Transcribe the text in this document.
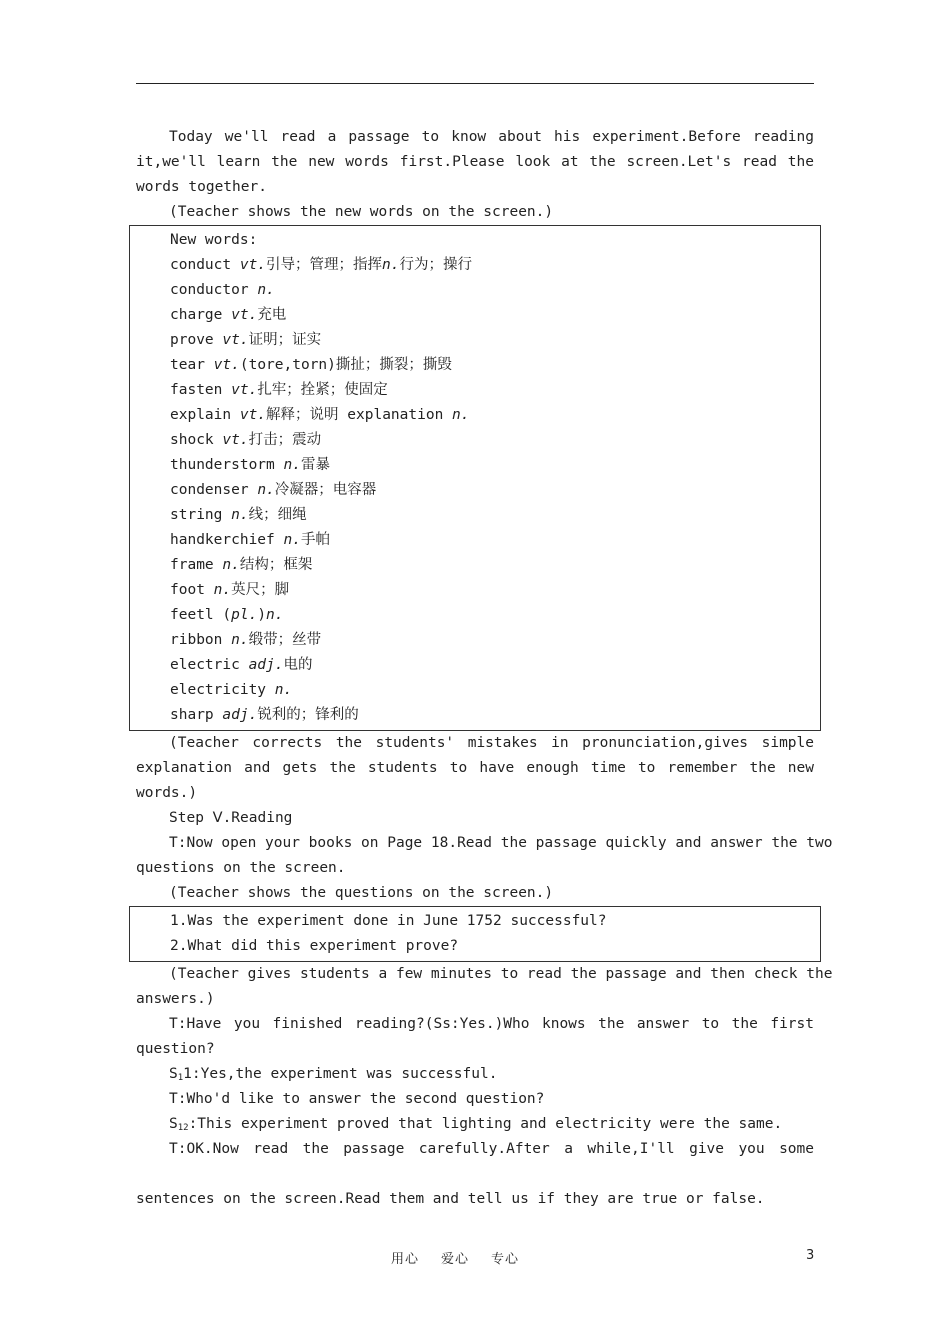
Today we'll read a passage to know about his experiment.Before reading
it,we'll learn the new words first.Please look at the screen.Let's read the
words together.
(Teacher shows the new words on the screen.)
New words:
conduct vt.引导；管理；指挥n.行为；操行
conductor n.
charge vt.充电
prove vt.证明；证实
tear vt.(tore,torn)撕扯；撕裂；撕毁
fasten vt.扎牢；拴紧；使固定
explain vt.解释；说明 explanation n.
shock vt.打击；震动
thunderstorm n.雷暴
condenser n.冷凝器；电容器
string n.线；细绳
handkerchief n.手帕
frame n.结构；框架
foot n.英尺；脚
feetl (pl.)n.
ribbon n.缎带；丝带
electric adj.电的
electricity n.
sharp adj.锐利的；锋利的
(Teacher corrects the students' mistakes in pronunciation,gives simple
explanation and gets the students to have enough time to remember the new
words.)
Step Ⅴ.Reading
T:Now open your books on Page 18.Read the passage quickly and answer the two
questions on the screen.
(Teacher shows the questions on the screen.)
1.Was the experiment done in June 1752 successful?
2.What did this experiment prove?
(Teacher gives students a few minutes to read the passage and then check the
answers.)
T:Have you finished reading?(Ss:Yes.)Who knows the answer to the first
question?
$S_11:Yes,the$ experiment was successful.
T:Who'd like to answer the second question?
$S_{12}:This$ experiment proved that lighting and electricity were the same.
T:OK.Now read the passage carefully.After a while,I'll give you some
sentences on the screen.Read them and tell us if they are true or false.
用心 爱心 专心	3
